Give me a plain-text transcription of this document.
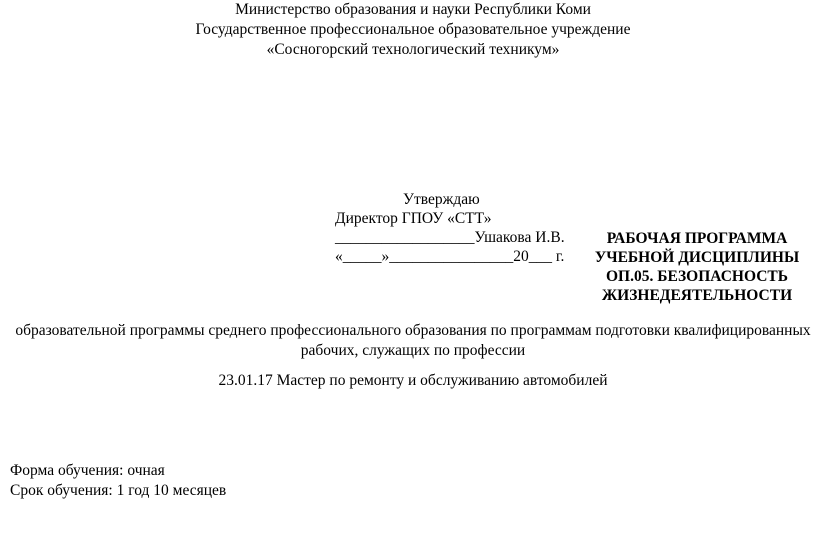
Министерство образования и науки Республики Коми
Государственное профессиональное образовательное учреждение
«Сосногорский технологический техникум»
Утверждаю
Директор ГПОУ «СТТ»
__________________Ушакова И.В.
«_____»________________20___ г.
РАБОЧАЯ ПРОГРАММА
УЧЕБНОЙ ДИСЦИПЛИНЫ
ОП.05. БЕЗОПАСНОСТЬ
ЖИЗНЕДЕЯТЕЛЬНОСТИ
образовательной программы среднего профессионального образования по программам подготовки квалифицированных
рабочих, служащих по профессии
23.01.17 Мастер по ремонту и обслуживанию автомобилей
Форма обучения: очная
Срок обучения: 1 год 10 месяцев
